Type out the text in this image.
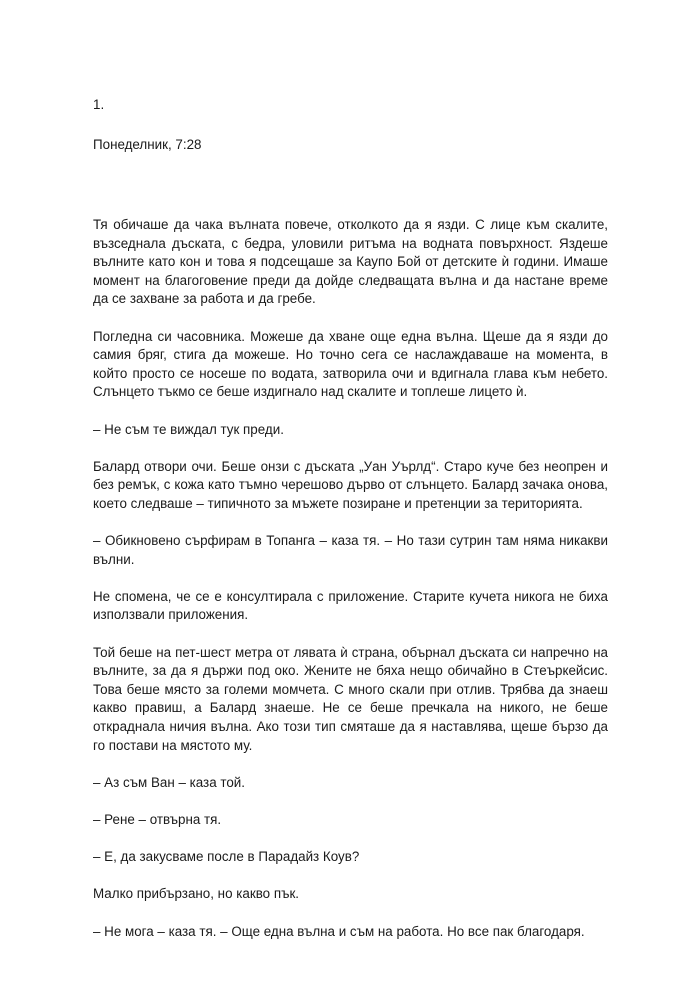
1.

Понеделник, 7:28

Тя обичаше да чака вълната повече, отколкото да я язди. С лице към скалите, възседнала дъската, с бедра, уловили ритъма на водната повърхност. Яздеше вълните като кон и това я подсещаше за Каупо Бой от детските ѝ години. Имаше момент на благоговение преди да дойде следващата вълна и да настане време да се захване за работа и да гребе.

Погледна си часовника. Можеше да хване още една вълна. Щеше да я язди до самия бряг, стига да можеше. Но точно сега се наслаждаваше на момента, в който просто се носеше по водата, затворила очи и вдигнала глава към небето. Слънцето тъкмо се беше издигнало над скалите и топлеше лицето ѝ.

– Не съм те виждал тук преди.

Балард отвори очи. Беше онзи с дъската „Уан Уърлд“. Старо куче без неопрен и без ремък, с кожа като тъмно черешово дърво от слънцето. Балард зачака онова, което следваше – типичното за мъжете позиране и претенции за територията.

– Обикновено сърфирам в Топанга – каза тя. – Но тази сутрин там няма никакви вълни.

Не спомена, че се е консултирала с приложение. Старите кучета никога не биха използвали приложения.

Той беше на пет-шест метра от лявата ѝ страна, обърнал дъската си напречно на вълните, за да я държи под око. Жените не бяха нещо обичайно в Стеъркейсис. Това беше място за големи момчета. С много скали при отлив. Трябва да знаеш какво правиш, а Балард знаеше. Не се беше пречкала на никого, не беше откраднала ничия вълна. Ако този тип смяташе да я наставлява, щеше бързо да го постави на мястото му.

– Аз съм Ван – каза той.

– Рене – отвърна тя.

– Е, да закусваме после в Парадайз Коув?

Малко прибързано, но какво пък.

– Не мога – каза тя. – Още една вълна и съм на работа. Но все пак благодаря.
